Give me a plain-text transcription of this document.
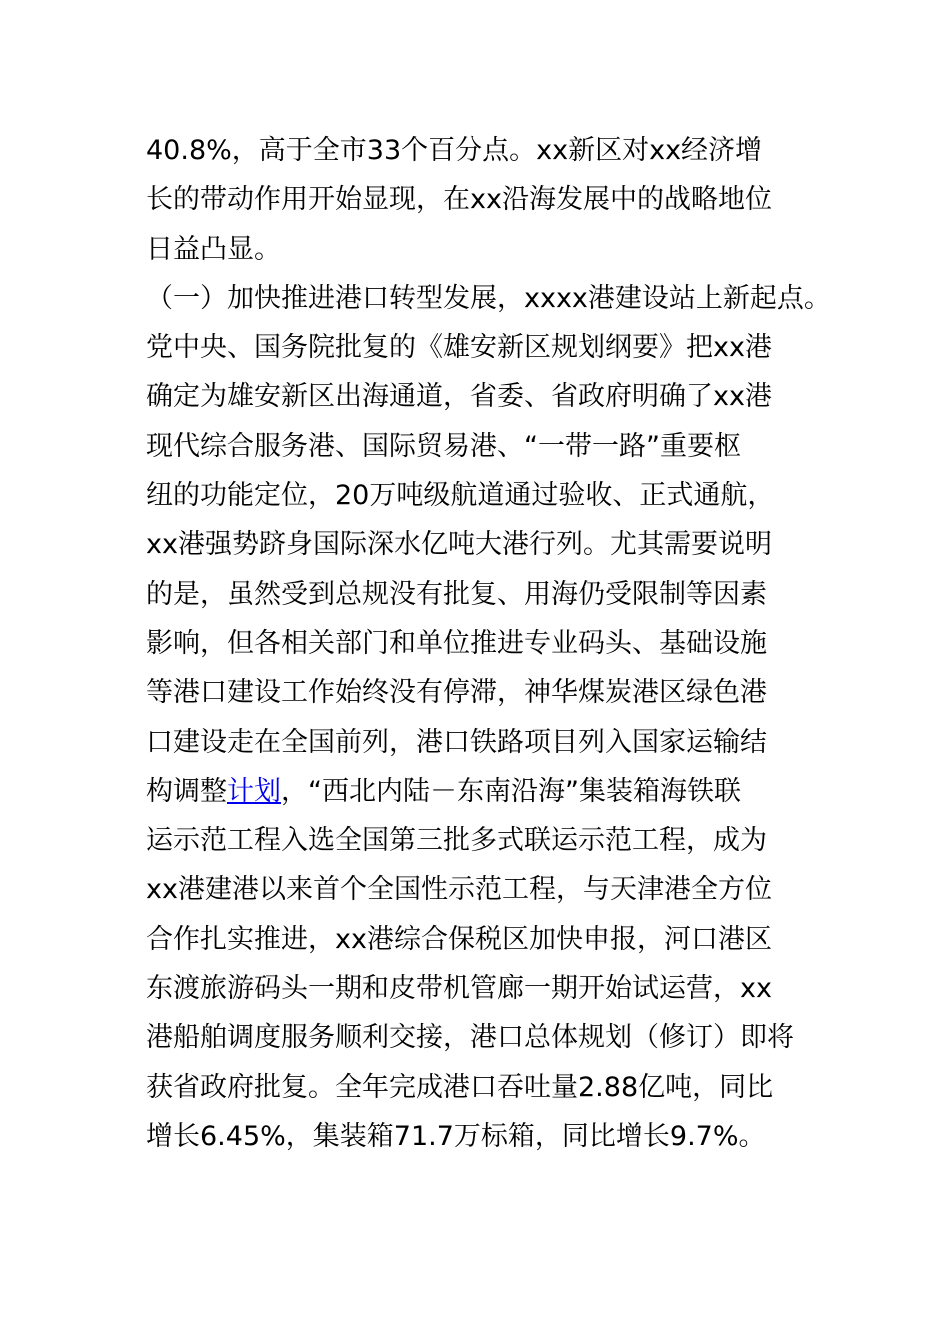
40.8%，高于全市33个百分点。xx新区对xx经济增
长的带动作用开始显现，在xx沿海发展中的战略地位
日益凸显。
（一）加快推进港口转型发展，xxxx港建设站上新起点。
党中央、国务院批复的《雄安新区规划纲要》把xx港
确定为雄安新区出海通道，省委、省政府明确了xx港
现代综合服务港、国际贸易港、“一带一路”重要枢
纽的功能定位，20万吨级航道通过验收、正式通航，
xx港强势跻身国际深水亿吨大港行列。尤其需要说明
的是，虽然受到总规没有批复、用海仍受限制等因素
影响，但各相关部门和单位推进专业码头、基础设施
等港口建设工作始终没有停滞，神华煤炭港区绿色港
口建设走在全国前列，港口铁路项目列入国家运输结
构调整计划，“西北内陆－东南沿海”集装箱海铁联
运示范工程入选全国第三批多式联运示范工程，成为
xx港建港以来首个全国性示范工程，与天津港全方位
合作扎实推进，xx港综合保税区加快申报，河口港区
东渡旅游码头一期和皮带机管廊一期开始试运营，xx
港船舶调度服务顺利交接，港口总体规划（修订）即将
获省政府批复。全年完成港口吞吐量2.88亿吨，同比
增长6.45%，集装箱71.7万标箱，同比增长9.7%。
